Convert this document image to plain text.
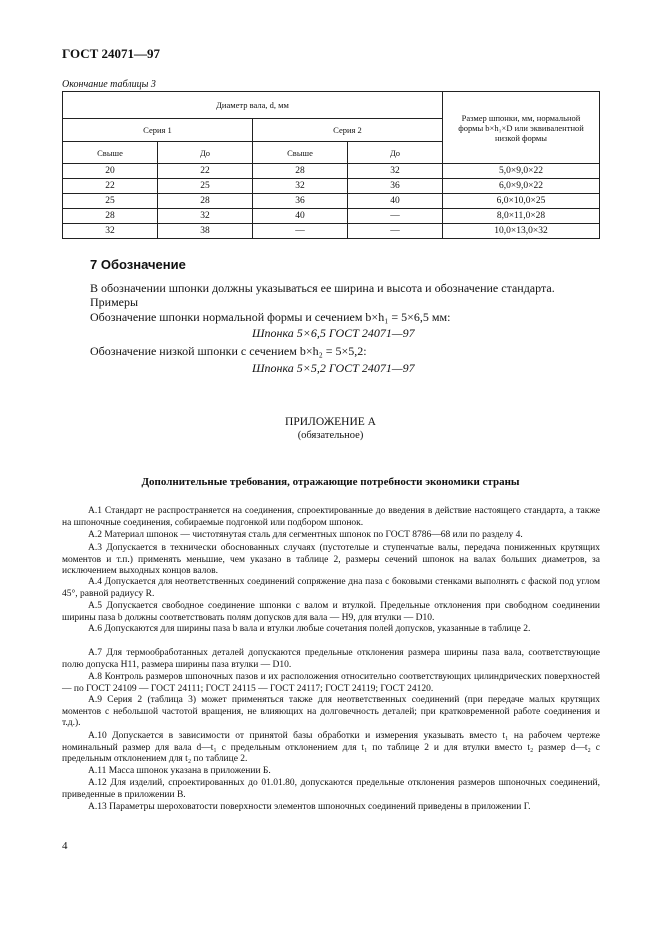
ГОСТ 24071—97
Окончание таблицы 3
Диаметр вала, d, мм				Размер шпонки, мм, нормальной формы b×h₁×D или эквивалентной низкой формы
Серия 1		Серия 2		
Свыше	До	Свыше	До	
20	22	28	32	5,0×9,0×22
22	25	32	36	6,0×9,0×22
25	28	36	40	6,0×10,0×25
28	32	40	—	8,0×11,0×28
32	38	—	—	10,0×13,0×32
7 Обозначение
В обозначении шпонки должны указываться ее ширина и высота и обозначение стандарта.
Примеры
Обозначение шпонки нормальной формы и сечением b×h₁ = 5×6,5 мм:
Шпонка 5×6,5 ГОСТ 24071—97
Обозначение низкой шпонки с сечением b×h₂ = 5×5,2:
Шпонка 5×5,2 ГОСТ 24071—97
ПРИЛОЖЕНИЕ А
(обязательное)
Дополнительные требования, отражающие потребности экономики страны
А.1 Стандарт не распространяется на соединения, спроектированные до введения в действие настоящего стандарта, а также на шпоночные соединения, собираемые подгонкой или подбором шпонок.
А.2 Материал шпонок — чистотянутая сталь для сегментных шпонок по ГОСТ 8786—68 или по разделу 4.
А.3 Допускается в технически обоснованных случаях (пустотелые и ступенчатые валы, передача пониженных крутящих моментов и т.п.) применять меньшие, чем указано в таблице 2, размеры сечений шпонок на валах больших диаметров, за исключением выходных концов валов.
А.4 Допускается для неответственных соединений сопряжение дна паза с боковыми стенками выполнять с фаской под углом 45°, равной радиусу R.
А.5 Допускается свободное соединение шпонки с валом и втулкой. Предельные отклонения при свободном соединении ширины паза b должны соответствовать полям допусков для вала — H9, для втулки — D10.
А.6 Допускаются для ширины паза b вала и втулки любые сочетания полей допусков, указанные в таблице 2.
А.7 Для термообработанных деталей допускаются предельные отклонения размера ширины паза вала, соответствующие полю допуска H11, размера ширины паза втулки — D10.
А.8 Контроль размеров шпоночных пазов и их расположения относительно соответствующих цилиндрических поверхностей — по ГОСТ 24109 — ГОСТ 24111; ГОСТ 24115 — ГОСТ 24117; ГОСТ 24119; ГОСТ 24120.
А.9 Серия 2 (таблица 3) может применяться также для неответственных соединений (при передаче малых крутящих моментов с небольшой частотой вращения, не влияющих на долговечность деталей; при кратковременной работе соединения и т.д.).
А.10 Допускается в зависимости от принятой базы обработки и измерения указывать вместо t₁ на рабочем чертеже номинальный размер для вала d—t₁ с предельным отклонением для t₁ по таблице 2 и для втулки вместо t₂ размер d—t₂ с предельным отклонением для t₂ по таблице 2.
А.11 Масса шпонок указана в приложении Б.
А.12 Для изделий, спроектированных до 01.01.80, допускаются предельные отклонения размеров шпоночных соединений, приведенные в приложении В.
А.13 Параметры шероховатости поверхности элементов шпоночных соединений приведены в приложении Г.
4
